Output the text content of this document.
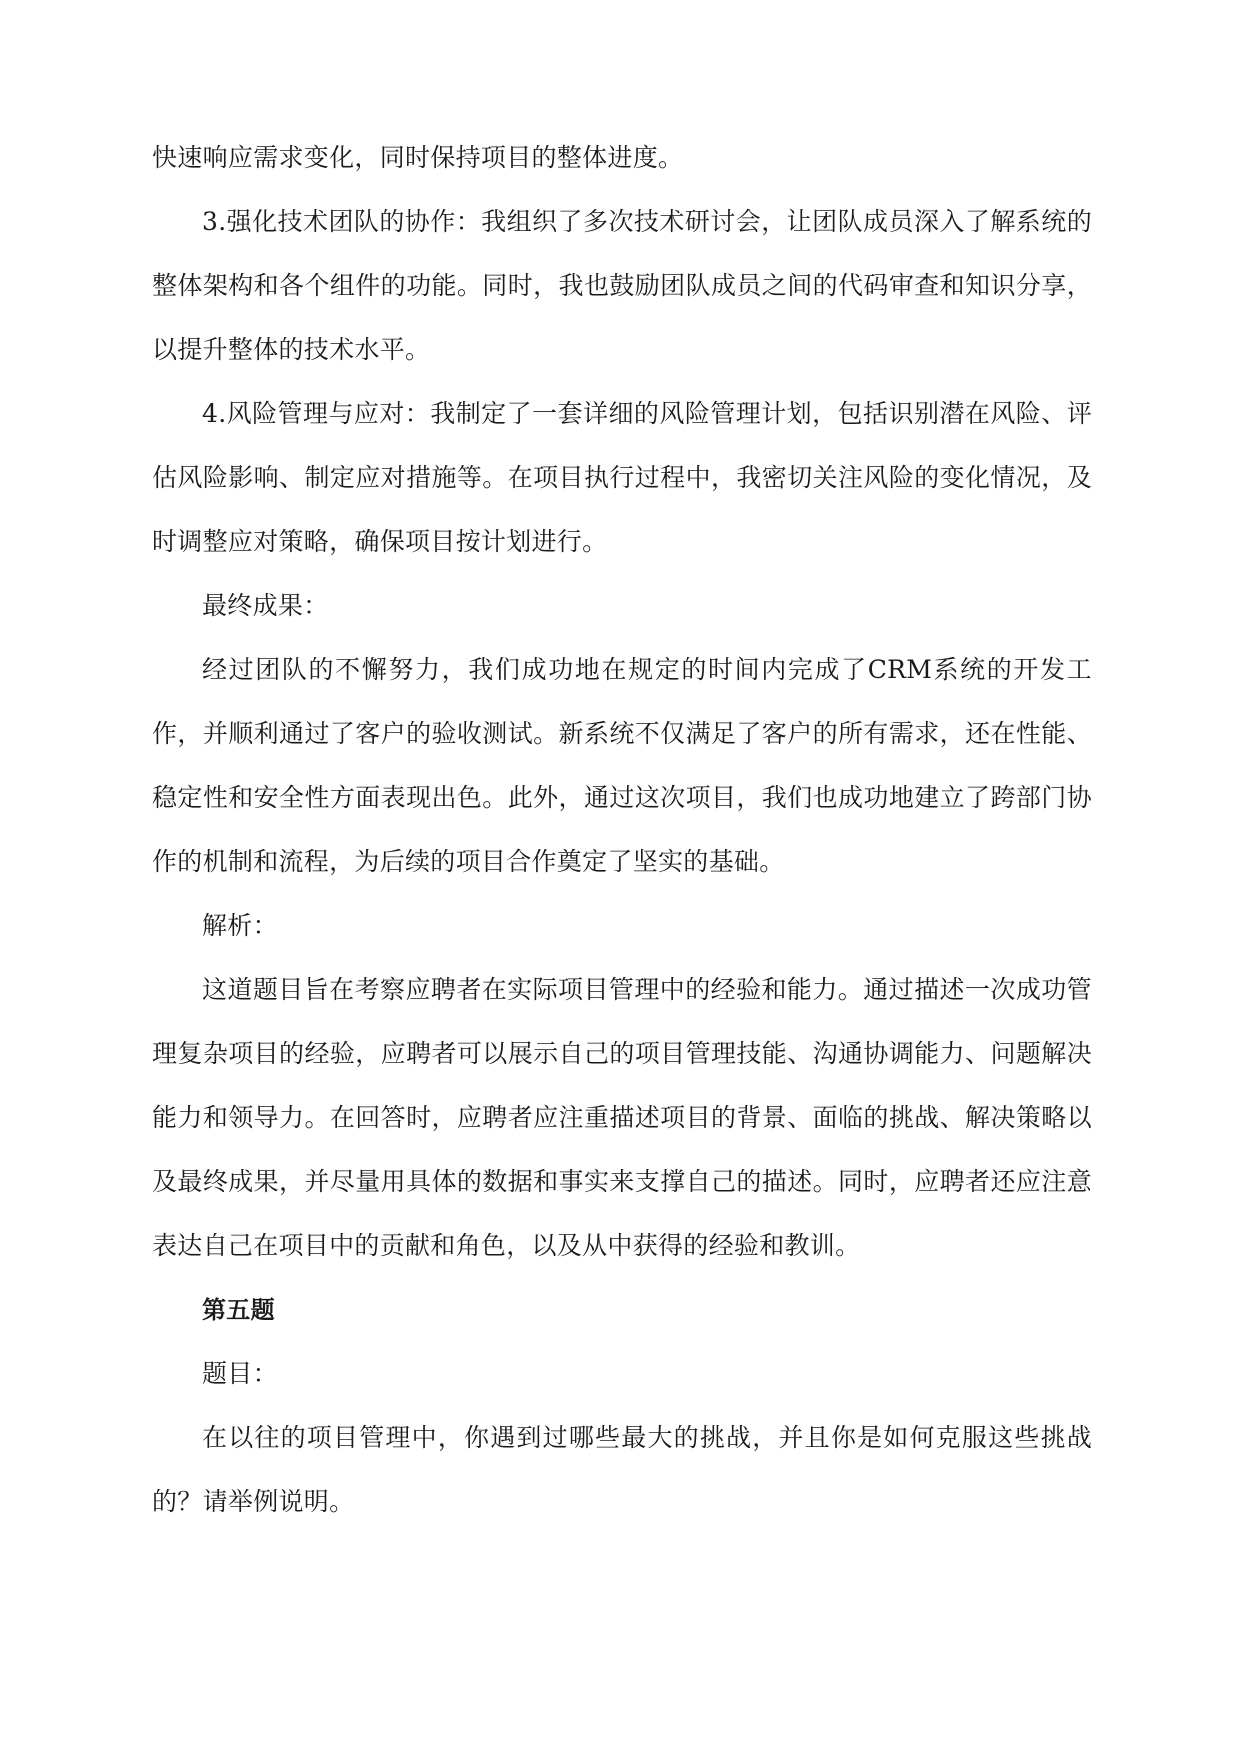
快速响应需求变化，同时保持项目的整体进度。

3.强化技术团队的协作：我组织了多次技术研讨会，让团队成员深入了解系统的整体架构和各个组件的功能。同时，我也鼓励团队成员之间的代码审查和知识分享，以提升整体的技术水平。

4.风险管理与应对：我制定了一套详细的风险管理计划，包括识别潜在风险、评估风险影响、制定应对措施等。在项目执行过程中，我密切关注风险的变化情况，及时调整应对策略，确保项目按计划进行。

最终成果：

经过团队的不懈努力，我们成功地在规定的时间内完成了CRM系统的开发工作，并顺利通过了客户的验收测试。新系统不仅满足了客户的所有需求，还在性能、稳定性和安全性方面表现出色。此外，通过这次项目，我们也成功地建立了跨部门协作的机制和流程，为后续的项目合作奠定了坚实的基础。

解析：

这道题目旨在考察应聘者在实际项目管理中的经验和能力。通过描述一次成功管理复杂项目的经验，应聘者可以展示自己的项目管理技能、沟通协调能力、问题解决能力和领导力。在回答时，应聘者应注重描述项目的背景、面临的挑战、解决策略以及最终成果，并尽量用具体的数据和事实来支撑自己的描述。同时，应聘者还应注意表达自己在项目中的贡献和角色，以及从中获得的经验和教训。

第五题

题目：

在以往的项目管理中，你遇到过哪些最大的挑战，并且你是如何克服这些挑战的？请举例说明。
